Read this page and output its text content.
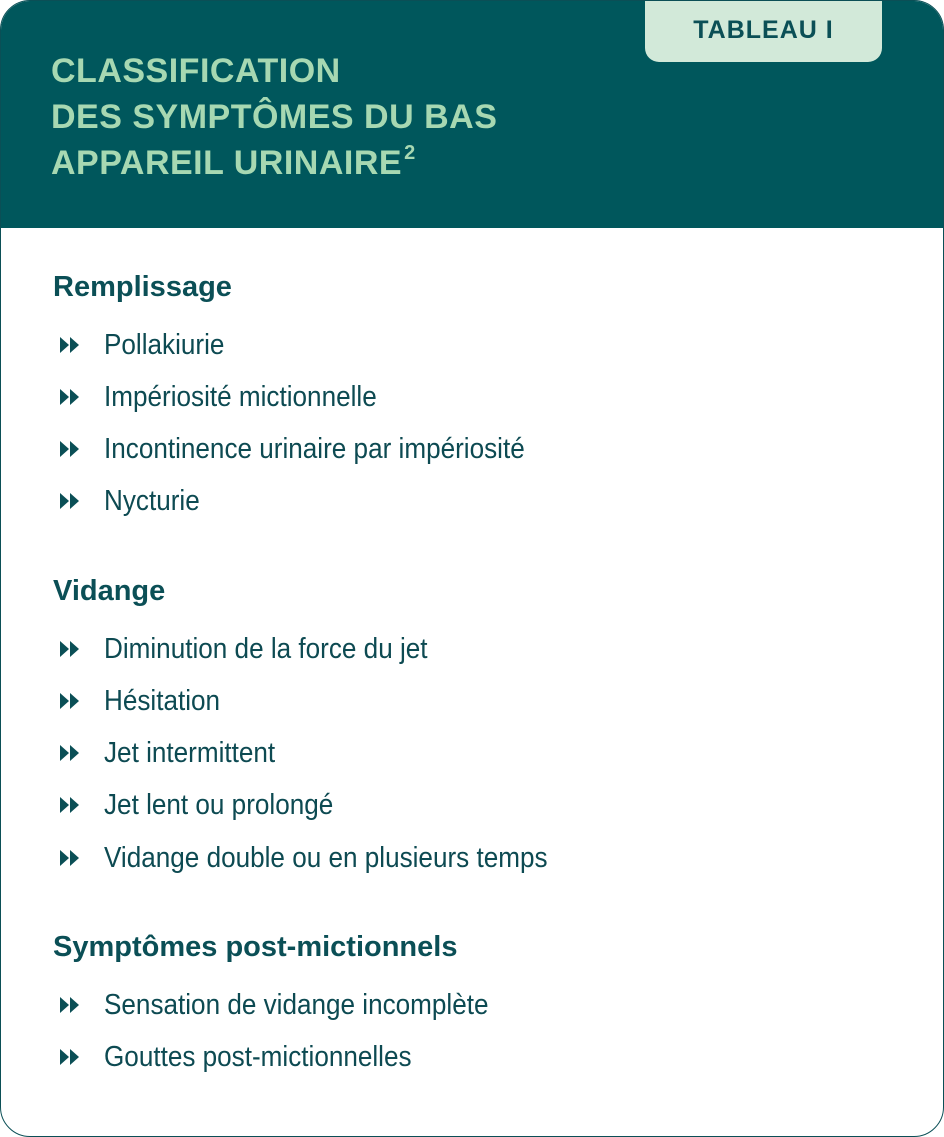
CLASSIFICATION
DES SYMPTÔMES DU BAS
APPAREIL URINAIRE $^2$
TABLEAU I
Remplissage
Pollakiurie
Impériosité mictionnelle
Incontinence urinaire par impériosité
Nycturie
Vidange
Diminution de la force du jet
Hésitation
Jet intermittent
Jet lent ou prolongé
Vidange double ou en plusieurs temps
Symptômes post-mictionnels
Sensation de vidange incomplète
Gouttes post-mictionnelles
